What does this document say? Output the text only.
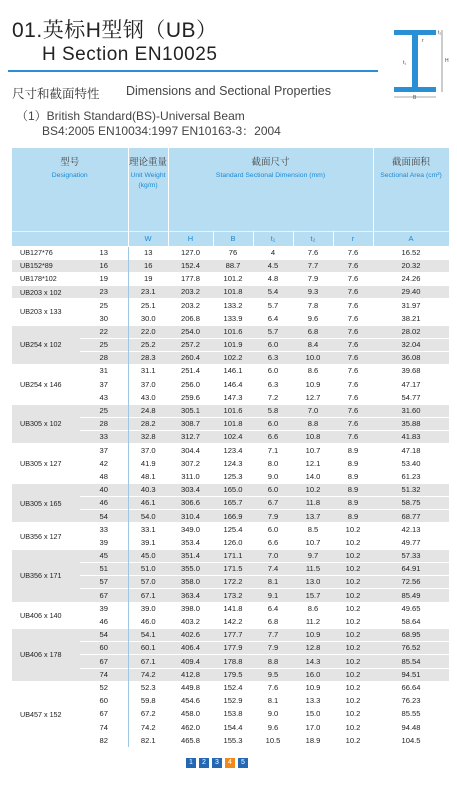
01.英标H型钢（UB）
H Section EN10025
B
H
t₁
t₂
r
尺寸和截面特性 Dimensions and Sectional Properties
（1）British Standard(BS)-Universal Beam
BS4:2005 EN10034:1997 EN10163-3：2004
型号
Designation		理论重量
Unit Weight (kg/m)	截面尺寸
Standard Sectional Dimension (mm)					截面面积
Sectional Area (cm²)

		W	H	B	t₁	t₂	r	A
UB127*76	13	13	127.0	76	4	7.6	7.6	16.52
UB152*89	16	16	152.4	88.7	4.5	7.7	7.6	20.32
UB178*102	19	19	177.8	101.2	4.8	7.9	7.6	24.26
UB203 x 102	23	23.1	203.2	101.8	5.4	9.3	7.6	29.40
UB203 x 133	25	25.1	203.2	133.2	5.7	7.8	7.6	31.97
	30	30.0	206.8	133.9	6.4	9.6	7.6	38.21
UB254 x 102	22	22.0	254.0	101.6	5.7	6.8	7.6	28.02
	25	25.2	257.2	101.9	6.0	8.4	7.6	32.04
	28	28.3	260.4	102.2	6.3	10.0	7.6	36.08
UB254 x 146	31	31.1	251.4	146.1	6.0	8.6	7.6	39.68
	37	37.0	256.0	146.4	6.3	10.9	7.6	47.17
	43	43.0	259.6	147.3	7.2	12.7	7.6	54.77
UB305 x 102	25	24.8	305.1	101.6	5.8	7.0	7.6	31.60
	28	28.2	308.7	101.8	6.0	8.8	7.6	35.88
	33	32.8	312.7	102.4	6.6	10.8	7.6	41.83
UB305 x 127	37	37.0	304.4	123.4	7.1	10.7	8.9	47.18
	42	41.9	307.2	124.3	8.0	12.1	8.9	53.40
	48	48.1	311.0	125.3	9.0	14.0	8.9	61.23
UB305 x 165	40	40.3	303.4	165.0	6.0	10.2	8.9	51.32
	46	46.1	306.6	165.7	6.7	11.8	8.9	58.75
	54	54.0	310.4	166.9	7.9	13.7	8.9	68.77
UB356 x 127	33	33.1	349.0	125.4	6.0	8.5	10.2	42.13
	39	39.1	353.4	126.0	6.6	10.7	10.2	49.77
UB356 x 171	45	45.0	351.4	171.1	7.0	9.7	10.2	57.33
	51	51.0	355.0	171.5	7.4	11.5	10.2	64.91
	57	57.0	358.0	172.2	8.1	13.0	10.2	72.56
	67	67.1	363.4	173.2	9.1	15.7	10.2	85.49
UB406 x 140	39	39.0	398.0	141.8	6.4	8.6	10.2	49.65
	46	46.0	403.2	142.2	6.8	11.2	10.2	58.64
UB406 x 178	54	54.1	402.6	177.7	7.7	10.9	10.2	68.95
	60	60.1	406.4	177.9	7.9	12.8	10.2	76.52
	67	67.1	409.4	178.8	8.8	14.3	10.2	85.54
	74	74.2	412.8	179.5	9.5	16.0	10.2	94.51
UB457 x 152	52	52.3	449.8	152.4	7.6	10.9	10.2	66.64
	60	59.8	454.6	152.9	8.1	13.3	10.2	76.23
	67	67.2	458.0	153.8	9.0	15.0	10.2	85.55
	74	74.2	462.0	154.4	9.6	17.0	10.2	94.48
	82	82.1	465.8	155.3	10.5	18.9	10.2	104.5
1	2	3	4	5
